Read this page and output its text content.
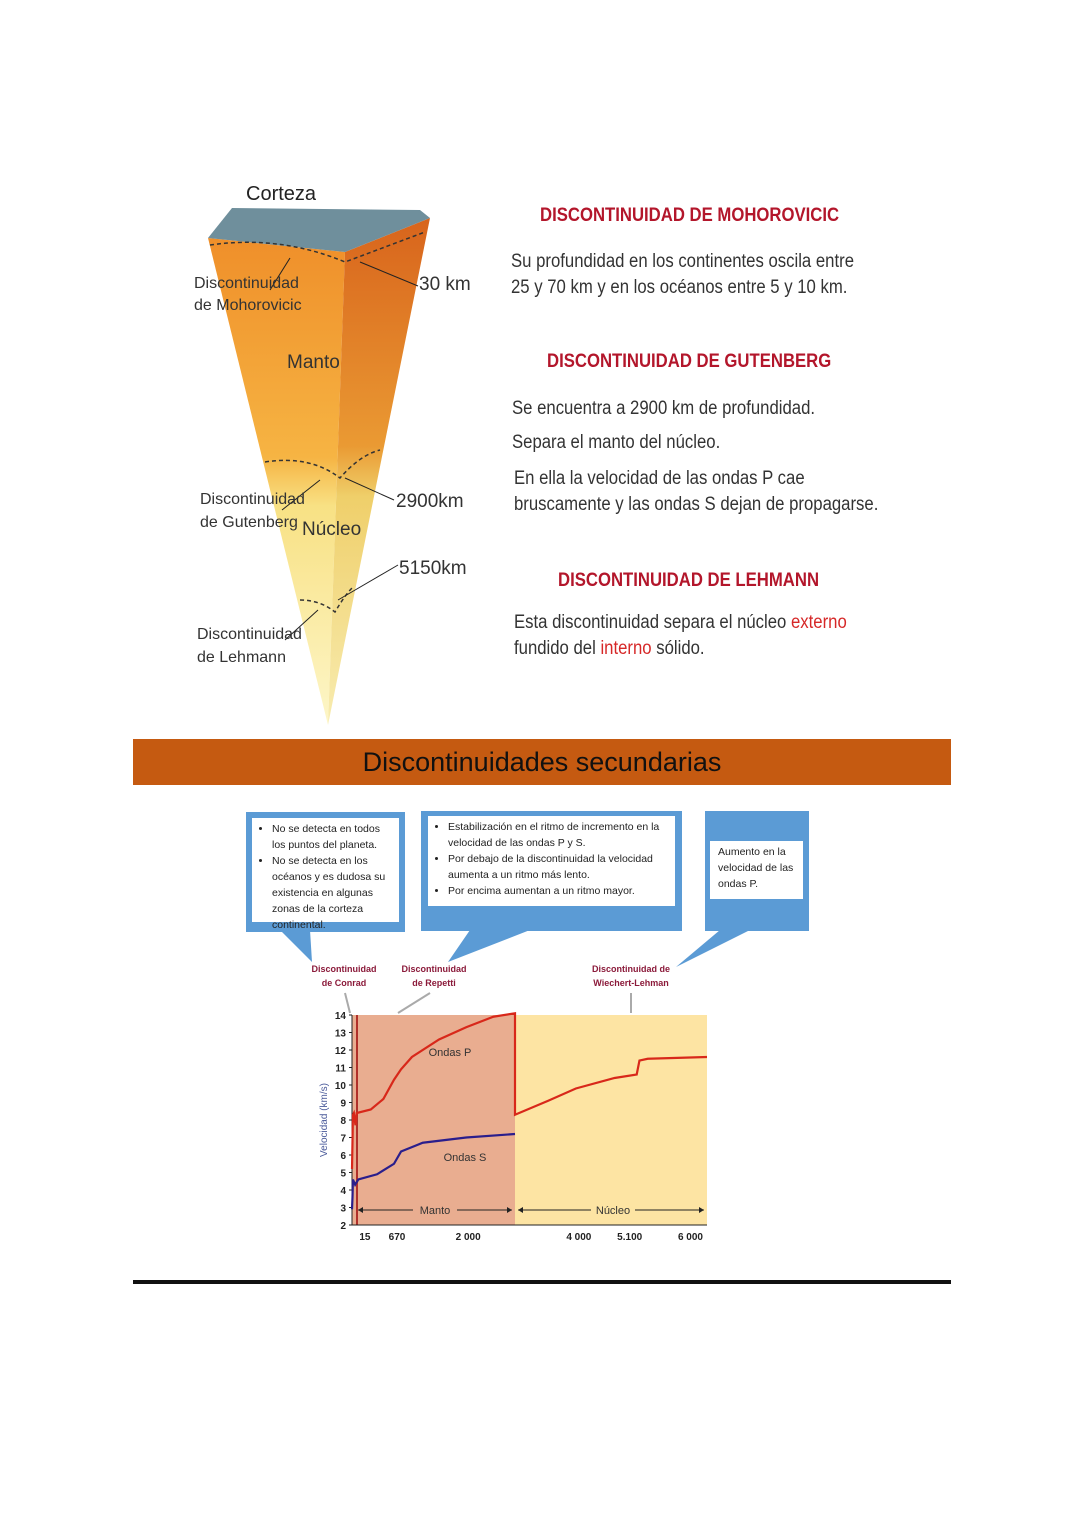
Corteza
Discontinuidad
de Mohorovicic
30 km
Manto
Discontinuidad
de Gutenberg
2900km
Núcleo
5150km
Discontinuidad
de Lehmann
DISCONTINUIDAD DE MOHOROVICIC
Su profundidad en los continentes oscila entre
25 y 70 km y en los océanos entre 5 y 10 km.
DISCONTINUIDAD DE GUTENBERG
Se encuentra a 2900 km de profundidad.
Separa el manto del núcleo.
En ella la velocidad de las ondas P cae
bruscamente y las ondas S dejan de propagarse.
DISCONTINUIDAD DE LEHMANN
Esta discontinuidad separa el núcleo externo
fundido del interno sólido.
Discontinuidades secundarias
• No se detecta en todos los puntos del planeta.
• No se detecta en los océanos y es dudosa su existencia en algunas zonas de la corteza continental.
• Estabilización en el ritmo de incremento en la velocidad de las ondas P y S.
• Por debajo de la discontinuidad la velocidad aumenta a un ritmo más lento.
• Por encima aumentan a un ritmo mayor.
Aumento en la velocidad de las ondas P.
Discontinuidad
de Conrad
Discontinuidad
de Repetti
Discontinuidad de
Wiechert-Lehman
2
3
4
5
6
7
8
9
10
11
12
13
14
15 670	2 000	4 000	5.100	6 000
Velocidad (km/s)
Ondas P
Ondas S
Manto	Núcleo
